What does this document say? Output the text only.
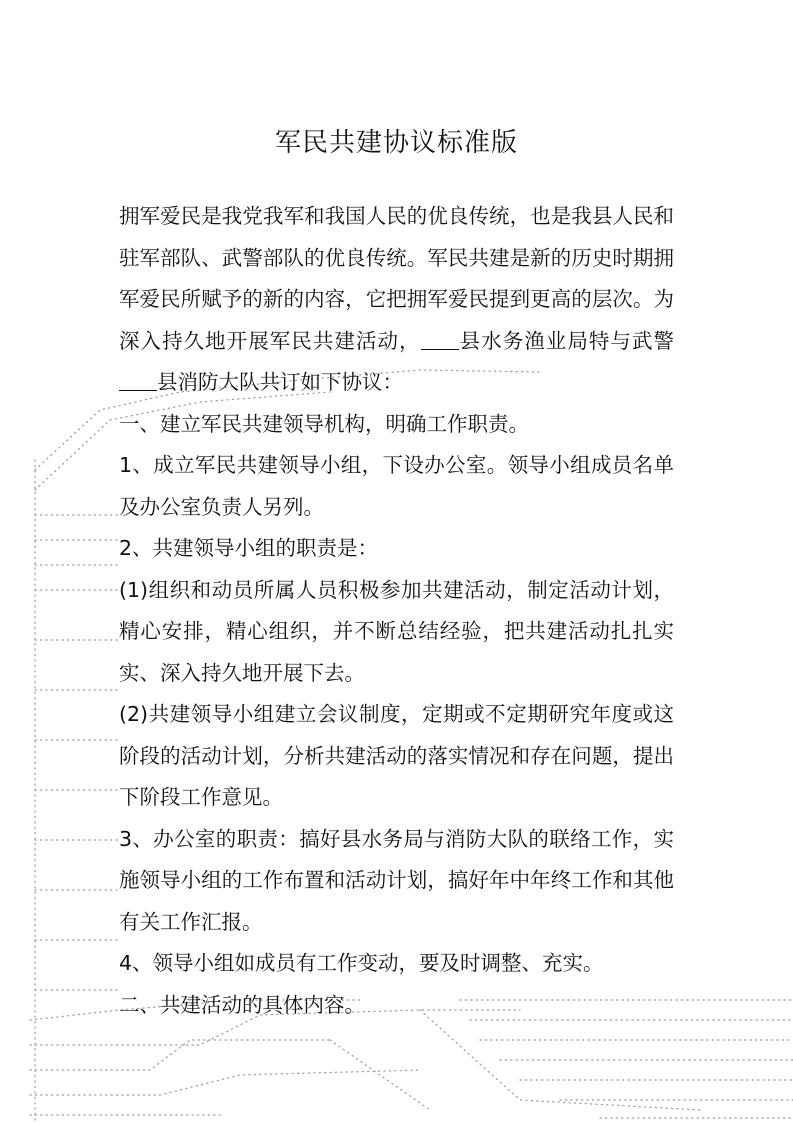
军民共建协议标准版

拥军爱民是我党我军和我国人民的优良传统，也是我县人民和驻军部队、武警部队的优良传统。军民共建是新的历史时期拥军爱民所赋予的新的内容，它把拥军爱民提到更高的层次。为深入持久地开展军民共建活动， 县水务渔业局特与武警县消防大队共订如下协议：

一、建立军民共建领导机构，明确工作职责。

1、成立军民共建领导小组，下设办公室。领导小组成员名单及办公室负责人另列。

2、共建领导小组的职责是：

(1)组织和动员所属人员积极参加共建活动，制定活动计划，精心安排，精心组织，并不断总结经验，把共建活动扎扎实实、深入持久地开展下去。

(2)共建领导小组建立会议制度，定期或不定期研究年度或这阶段的活动计划，分析共建活动的落实情况和存在问题，提出下阶段工作意见。

3、办公室的职责：搞好县水务局与消防大队的联络工作，实施领导小组的工作布置和活动计划，搞好年中年终工作和其他有关工作汇报。

4、领导小组如成员有工作变动，要及时调整、充实。

二、共建活动的具体内容。
